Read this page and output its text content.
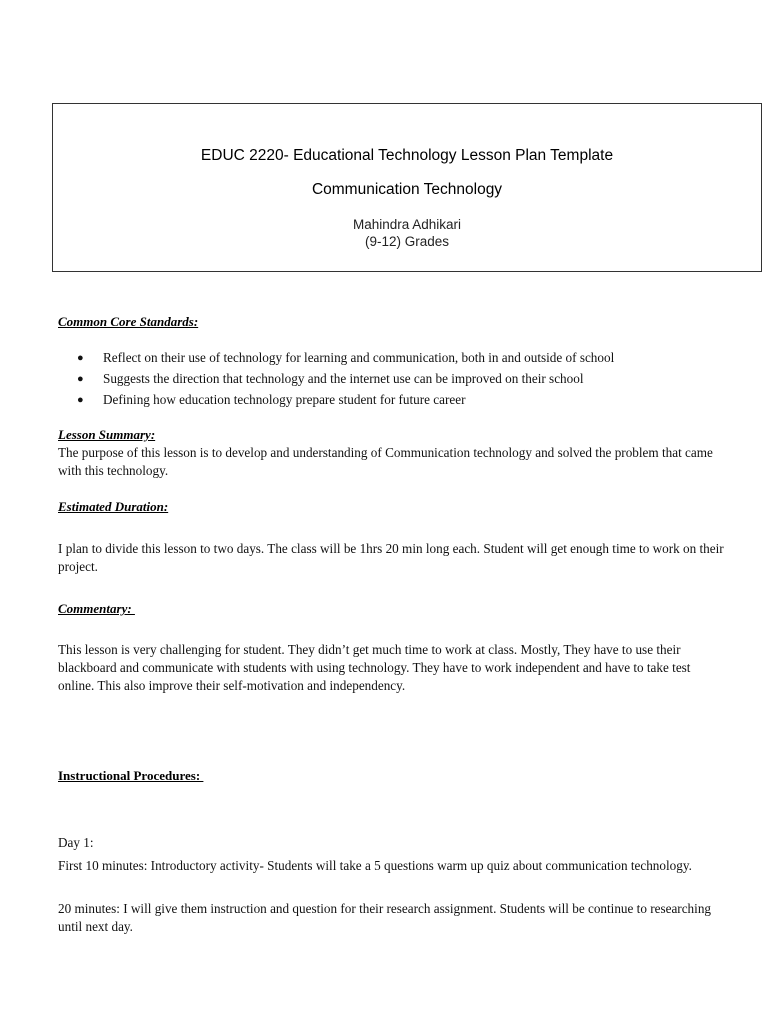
EDUC 2220- Educational Technology Lesson Plan Template
Communication Technology
Mahindra Adhikari
(9-12) Grades
Common Core Standards:
● Reflect on their use of technology for learning and communication, both in and outside of school
● Suggests the direction that technology and the internet use can be improved on their school
● Defining how education technology prepare student for future career
Lesson Summary:
The purpose of this lesson is to develop and understanding of Communication technology and solved the problem that came with this technology.
Estimated Duration:
I plan to divide this lesson to two days. The class will be 1hrs 20 min long each. Student will get enough time to work on their project.
Commentary:
This lesson is very challenging for student. They didn’t get much time to work at class. Mostly, They have to use their blackboard and communicate with students with using technology. They have to work independent and have to take test online. This also improve their self-motivation and independency.
Instructional Procedures:
Day 1:
First 10 minutes: Introductory activity- Students will take a 5 questions warm up quiz about communication technology.
20 minutes: I will give them instruction and question for their research assignment. Students will be continue to researching until next day.
